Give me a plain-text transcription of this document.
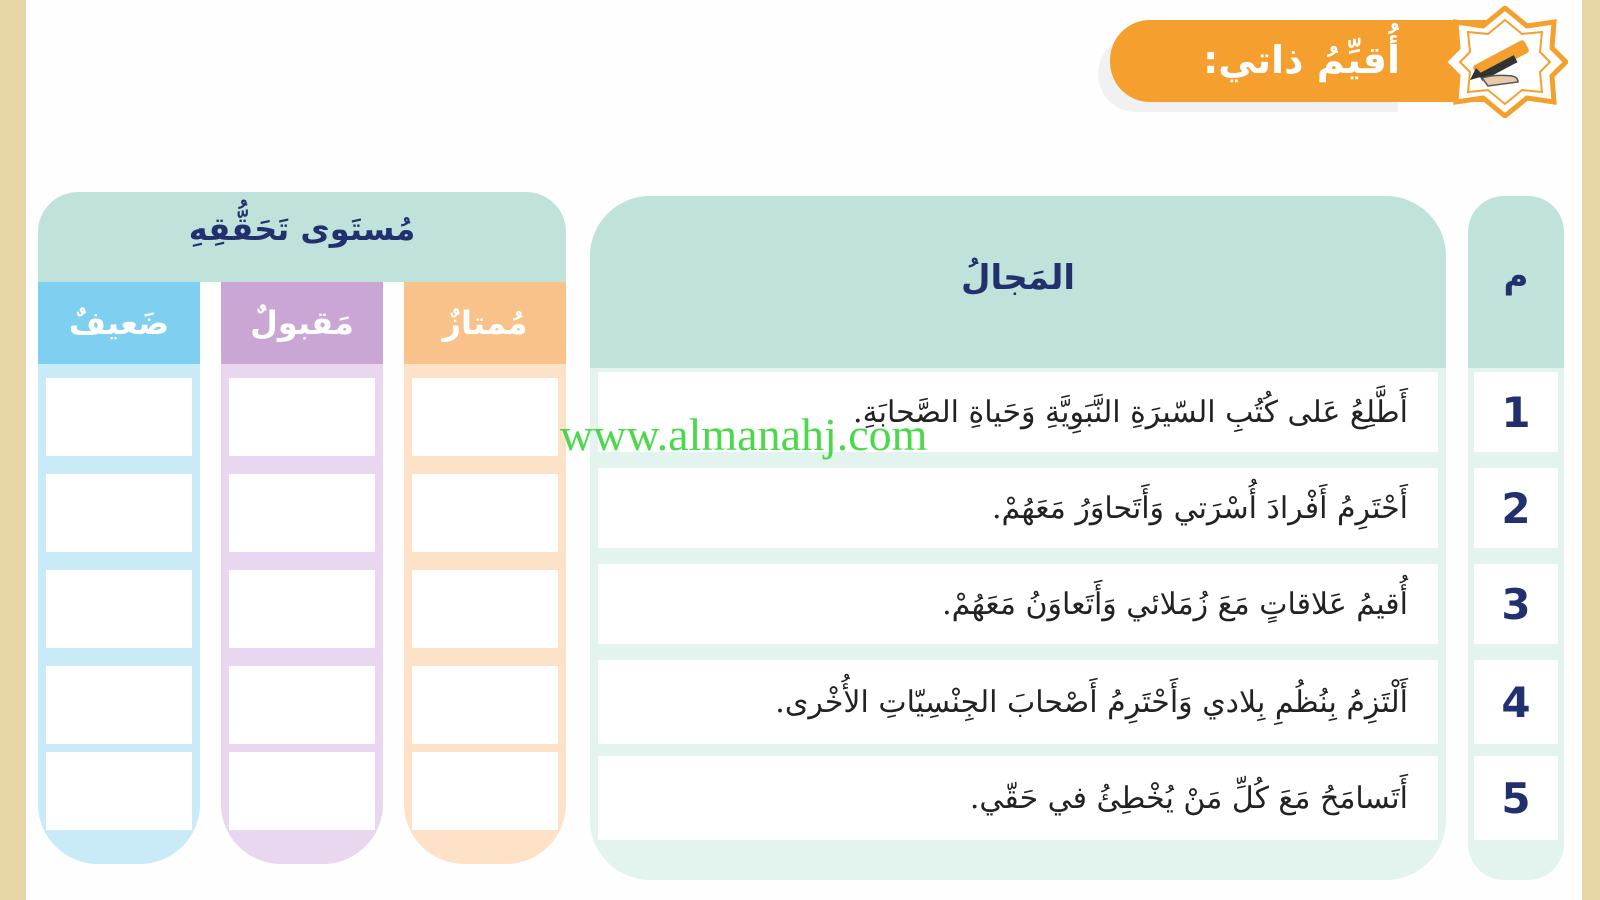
أُقيِّمُ ذاتي:
مُستَوى تَحَقُّقِهِ
مُمتازٌ
مَقبولٌ
ضَعيفٌ
المَجالُ
أَطَّلِعُ عَلى كُتُبِ السّيرَةِ النَّبَوِيَّةِ وَحَياةِ الصَّحابَةِ.
أَحْتَرِمُ أَفْرادَ أُسْرَتي وَأَتَحاوَرُ مَعَهُمْ.
أُقيمُ عَلاقاتٍ مَعَ زُمَلائي وَأَتَعاوَنُ مَعَهُمْ.
أَلْتَزِمُ بِنُظُمِ بِلادي وَأَحْتَرِمُ أَصْحابَ الجِنْسِيّاتِ الأُخْرى.
أَتَسامَحُ مَعَ كُلِّ مَنْ يُخْطِئُ في حَقّي.
م
1
2
3
4
5
www.almanahj.com
